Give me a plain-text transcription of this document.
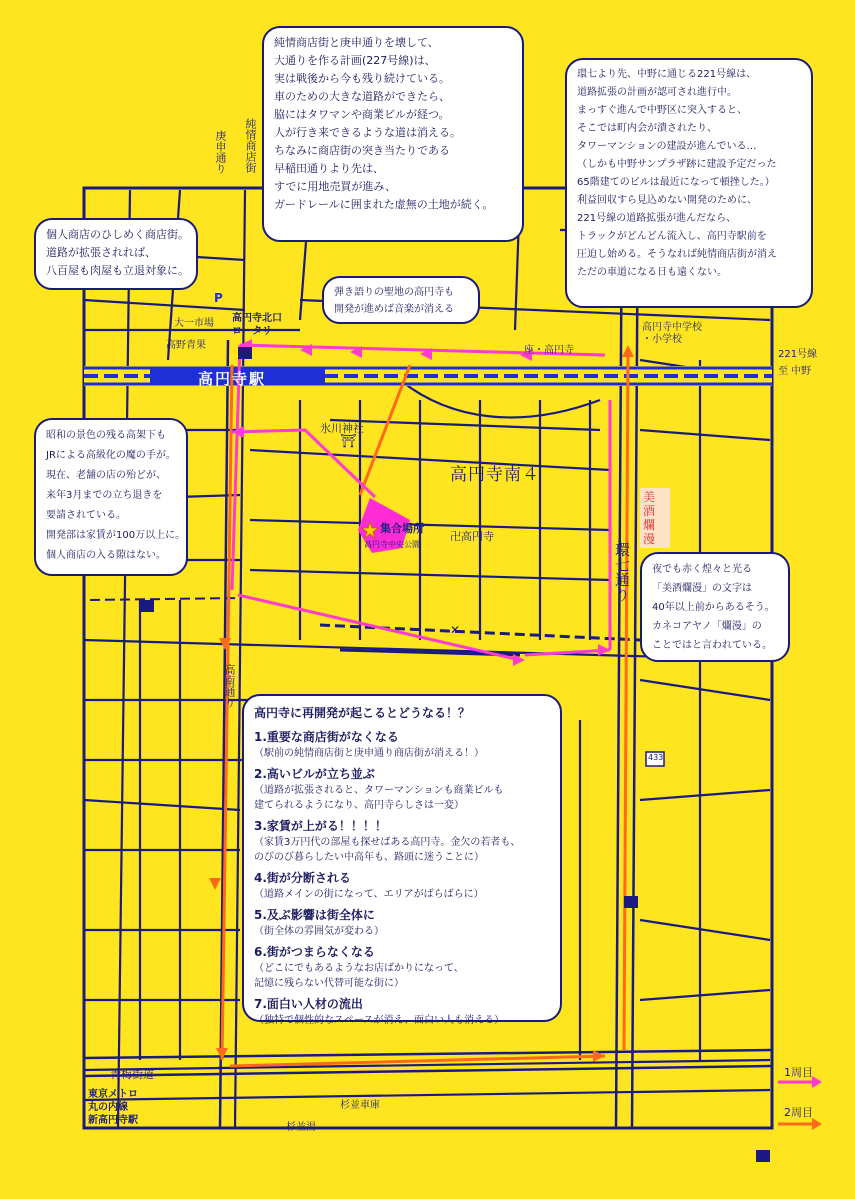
⛩
P
✕
庚申通り 純情商店街
大一市場 高円寺北口
ロータリー
高野青果
高円寺駅
座・高円寺
高円寺中学校
・小学校
221号線
至 中野
氷川神社
高円寺南４
集合場所
高円寺中央公園
卍高円寺
環七通り
高南通り
青梅街道
杉並車庫
杉並湯
東京メトロ
丸の内線
新高円寺駅
433
美
酒
爛
漫
1周目
2周目
純情商店街と庚申通りを壊して、
大通りを作る計画(227号線)は、
実は戦後から今も残り続けている。
車のための大きな道路ができたら、
脇にはタワマンや商業ビルが経つ。
人が行き来できるような道は消える。
ちなみに商店街の突き当たりである
早稲田通りより先は、
すでに用地売買が進み、
ガードレールに囲まれた虚無の土地が続く。
環七より先、中野に通じる221号線は、
道路拡張の計画が認可され進行中。
まっすぐ進んで中野区に突入すると、
そこでは町内会が潰されたり、
タワーマンションの建設が進んでいる…
（しかも中野サンプラザ跡に建設予定だった
65階建てのビルは最近になって頓挫した。）
利益回収すら見込めない開発のために、
221号線の道路拡張が進んだなら、
トラックがどんどん流入し、高円寺駅前を
圧迫し始める。そうなれば純情商店街が消え
ただの車道になる日も遠くない。
個人商店のひしめく商店街。
道路が拡張されれば、
八百屋も肉屋も立退対象に。
弾き語りの聖地の高円寺も
開発が進めば音楽が消える
昭和の景色の残る高架下も
JRによる高級化の魔の手が。
現在、老舗の店の殆どが、
来年3月までの立ち退きを
要請されている。
開発部は家賃が100万以上に。
個人商店の入る隙はない。
夜でも赤く煌々と光る
「美酒爛漫」の文字は
40年以上前からあるそう。
カネコアヤノ「爛漫」の
ことではと言われている。
高円寺に再開発が起こるとどうなる！？
1.重要な商店街がなくなる
（駅前の純情商店街と庚申通り商店街が消える！）
2.高いビルが立ち並ぶ
（道路が拡張されると、タワーマンションも商業ビルも
建てられるようになり、高円寺らしさは一変）
3.家賃が上がる！！！！
（家賃3万円代の部屋も探せばある高円寺。金欠の若者も、
のびのび暮らしたい中高年も、路頭に迷うことに）
4.街が分断される
（道路メインの街になって、エリアがばらばらに）
5.及ぶ影響は街全体に
（街全体の雰囲気が変わる）
6.街がつまらなくなる
（どこにでもあるようなお店ばかりになって、
記憶に残らない代替可能な街に）
7.面白い人材の流出
（独特で個性的なスペースが消え、面白い人も消える）
